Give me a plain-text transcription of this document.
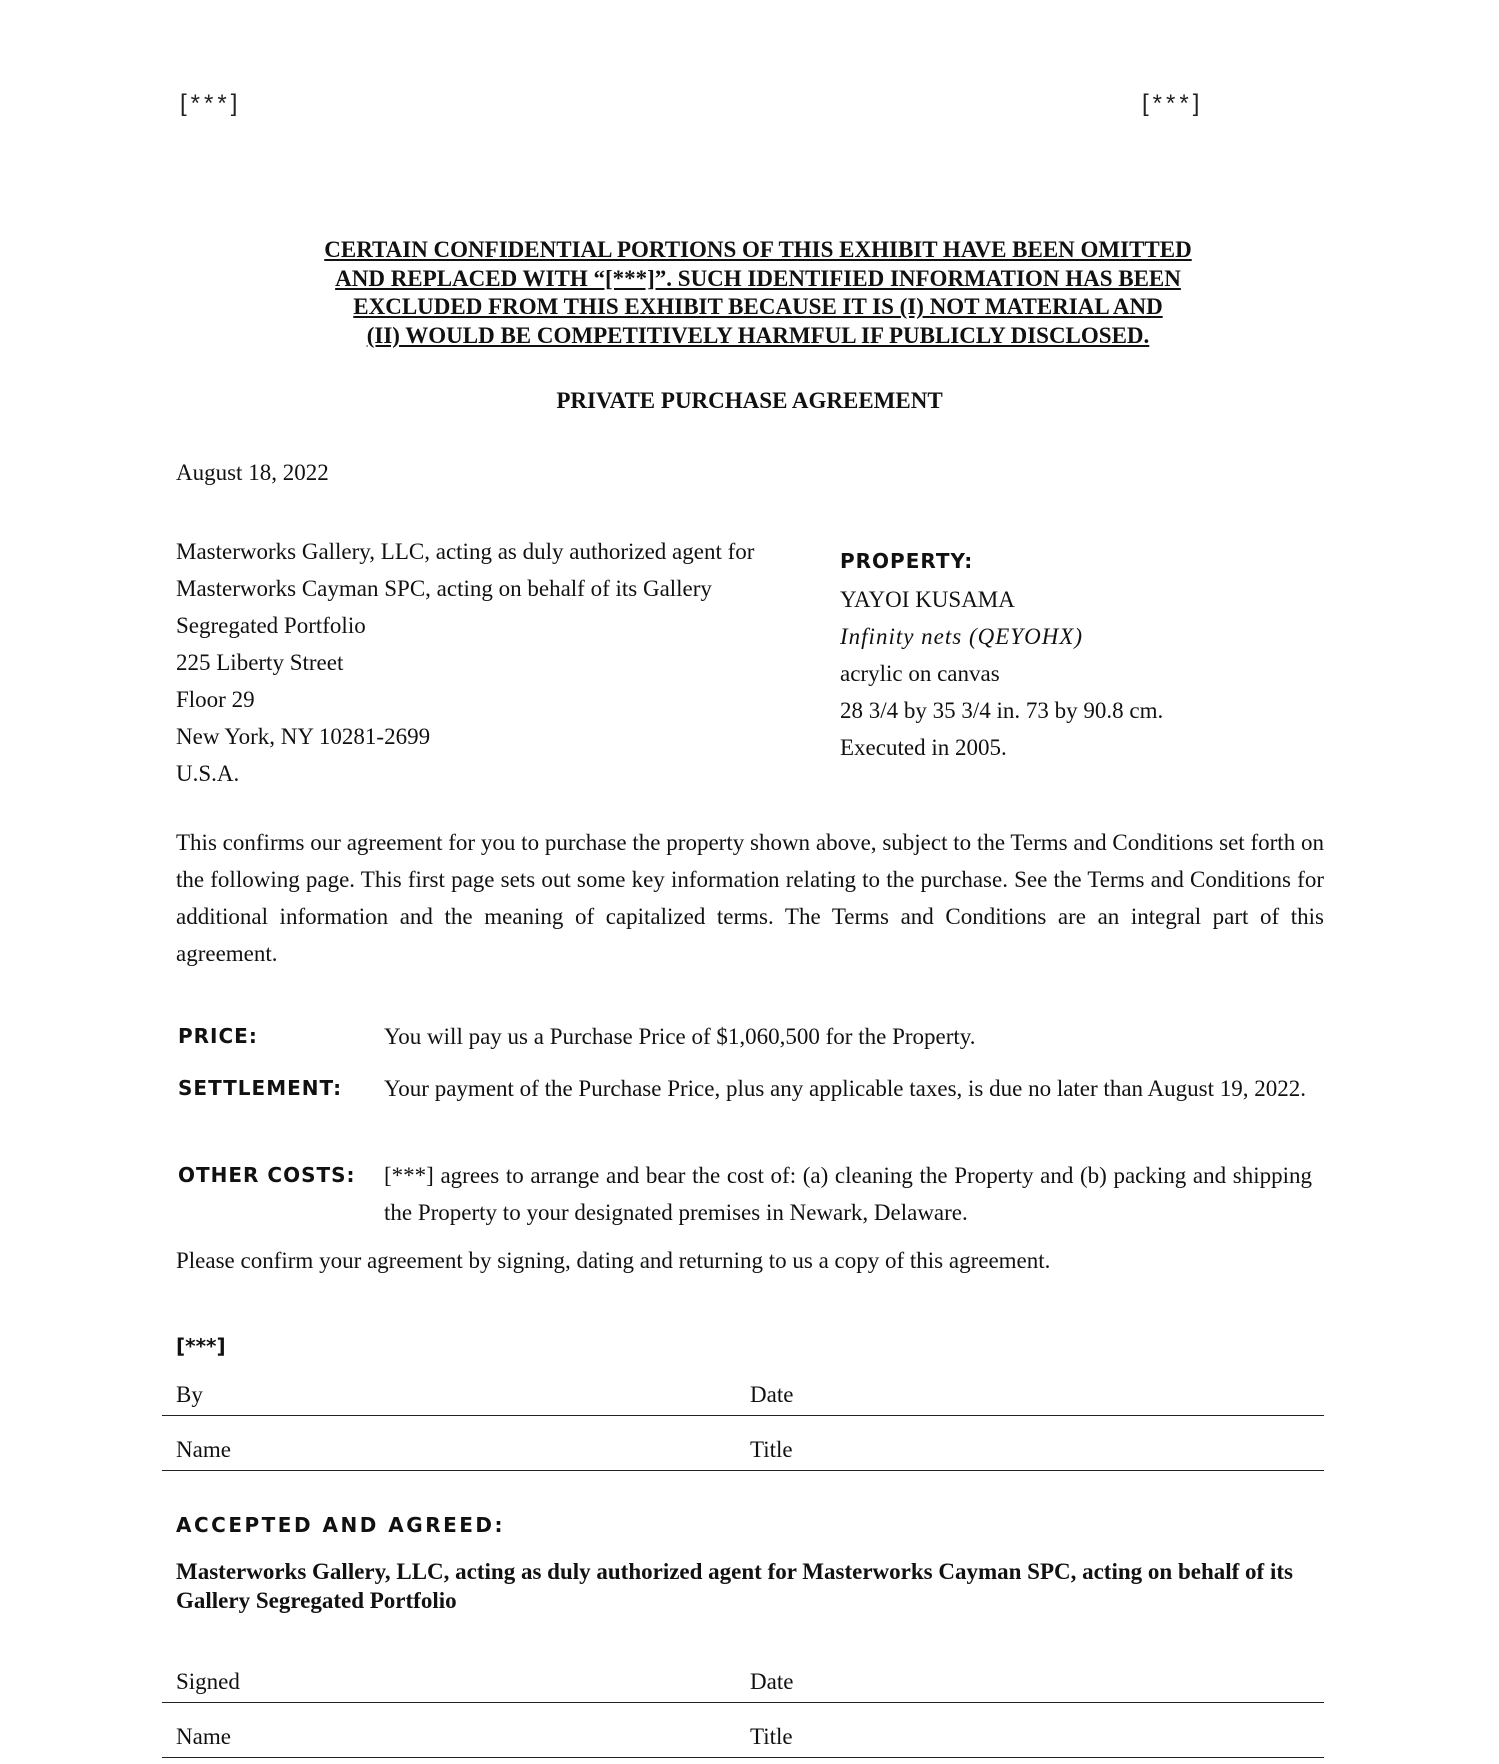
[***]	[***]
CERTAIN CONFIDENTIAL PORTIONS OF THIS EXHIBIT HAVE BEEN OMITTED
AND REPLACED WITH “[***]”. SUCH IDENTIFIED INFORMATION HAS BEEN
EXCLUDED FROM THIS EXHIBIT BECAUSE IT IS (I) NOT MATERIAL AND
(II) WOULD BE COMPETITIVELY HARMFUL IF PUBLICLY DISCLOSED.
PRIVATE PURCHASE AGREEMENT
August 18, 2022
Masterworks Gallery, LLC, acting as duly authorized agent for
Masterworks Cayman SPC, acting on behalf of its Gallery
Segregated Portfolio
225 Liberty Street
Floor 29
New York, NY 10281-2699
U.S.A.
PROPERTY:
YAYOI KUSAMA
Infinity nets (QEYOHX)
acrylic on canvas
28 3/4 by 35 3/4 in. 73 by 90.8 cm.
Executed in 2005.
This confirms our agreement for you to purchase the property shown above, subject to the Terms and Conditions set forth on the following page. This first page sets out some key information relating to the purchase. See the Terms and Conditions for additional information and the meaning of capitalized terms. The Terms and Conditions are an integral part of this agreement.
PRICE:	You will pay us a Purchase Price of $1,060,500 for the Property.
SETTLEMENT: Your payment of the Purchase Price, plus any applicable taxes, is due no later than August 19, 2022.
OTHER COSTS: [***] agrees to arrange and bear the cost of: (a) cleaning the Property and (b) packing and shipping the Property to your designated premises in Newark, Delaware.
Please confirm your agreement by signing, dating and returning to us a copy of this agreement.
[***]
By	Date
Name	Title
ACCEPTED AND AGREED:
Masterworks Gallery, LLC, acting as duly authorized agent for Masterworks Cayman SPC, acting on behalf of its Gallery Segregated Portfolio
Signed	Date
Name	Title
